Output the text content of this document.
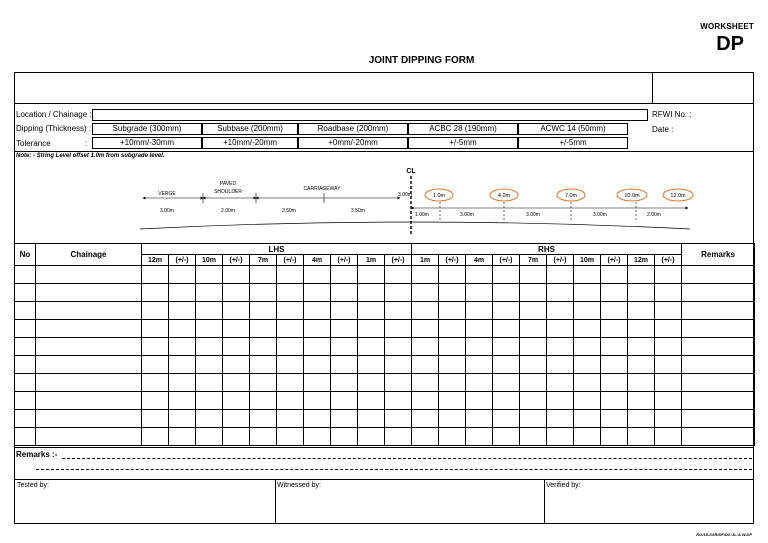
WORKSHEET
DP
JOINT DIPPING FORM
Location / Chainage :	RFWI No. :
Dipping (Thickness) :	Date :
Tolerance	:
Subgrade (300mm)	Subbase (200mm)	Roadbase (200mm)	ACBC 28 (190mm)	ACWC 14 (50mm)
+10mm/-30mm	+10mm/-20mm	+0mm/-20mm	+/-5mm	+/-5mm
Note: - String Level offset 1.0m from subgrade level.
CL
VERGE
PAVED
SHOULDER	CARRIAGEWAY
3.00m	2.00m	3.50m	3.50m
3.00m
1.00m	3.00m	3.00m	3.00m	2.00m
1.0m	4.0m	7.0m	10.0m	12.0m
No	Chainage	LHS										RHS										Remarks
		12m	(+/-)	10m	(+/-)	7m	(+/-)	4m	(+/-)	1m	(+/-)	1m	(+/-)	4m	(+/-)	7m	(+/-)	10m	(+/-)	12m	(+/-)	

Remarks :-
Tested by:	Witnessed by:	Verified by:
RO/18-SSR/DF/DS:JL:A.W.DP
